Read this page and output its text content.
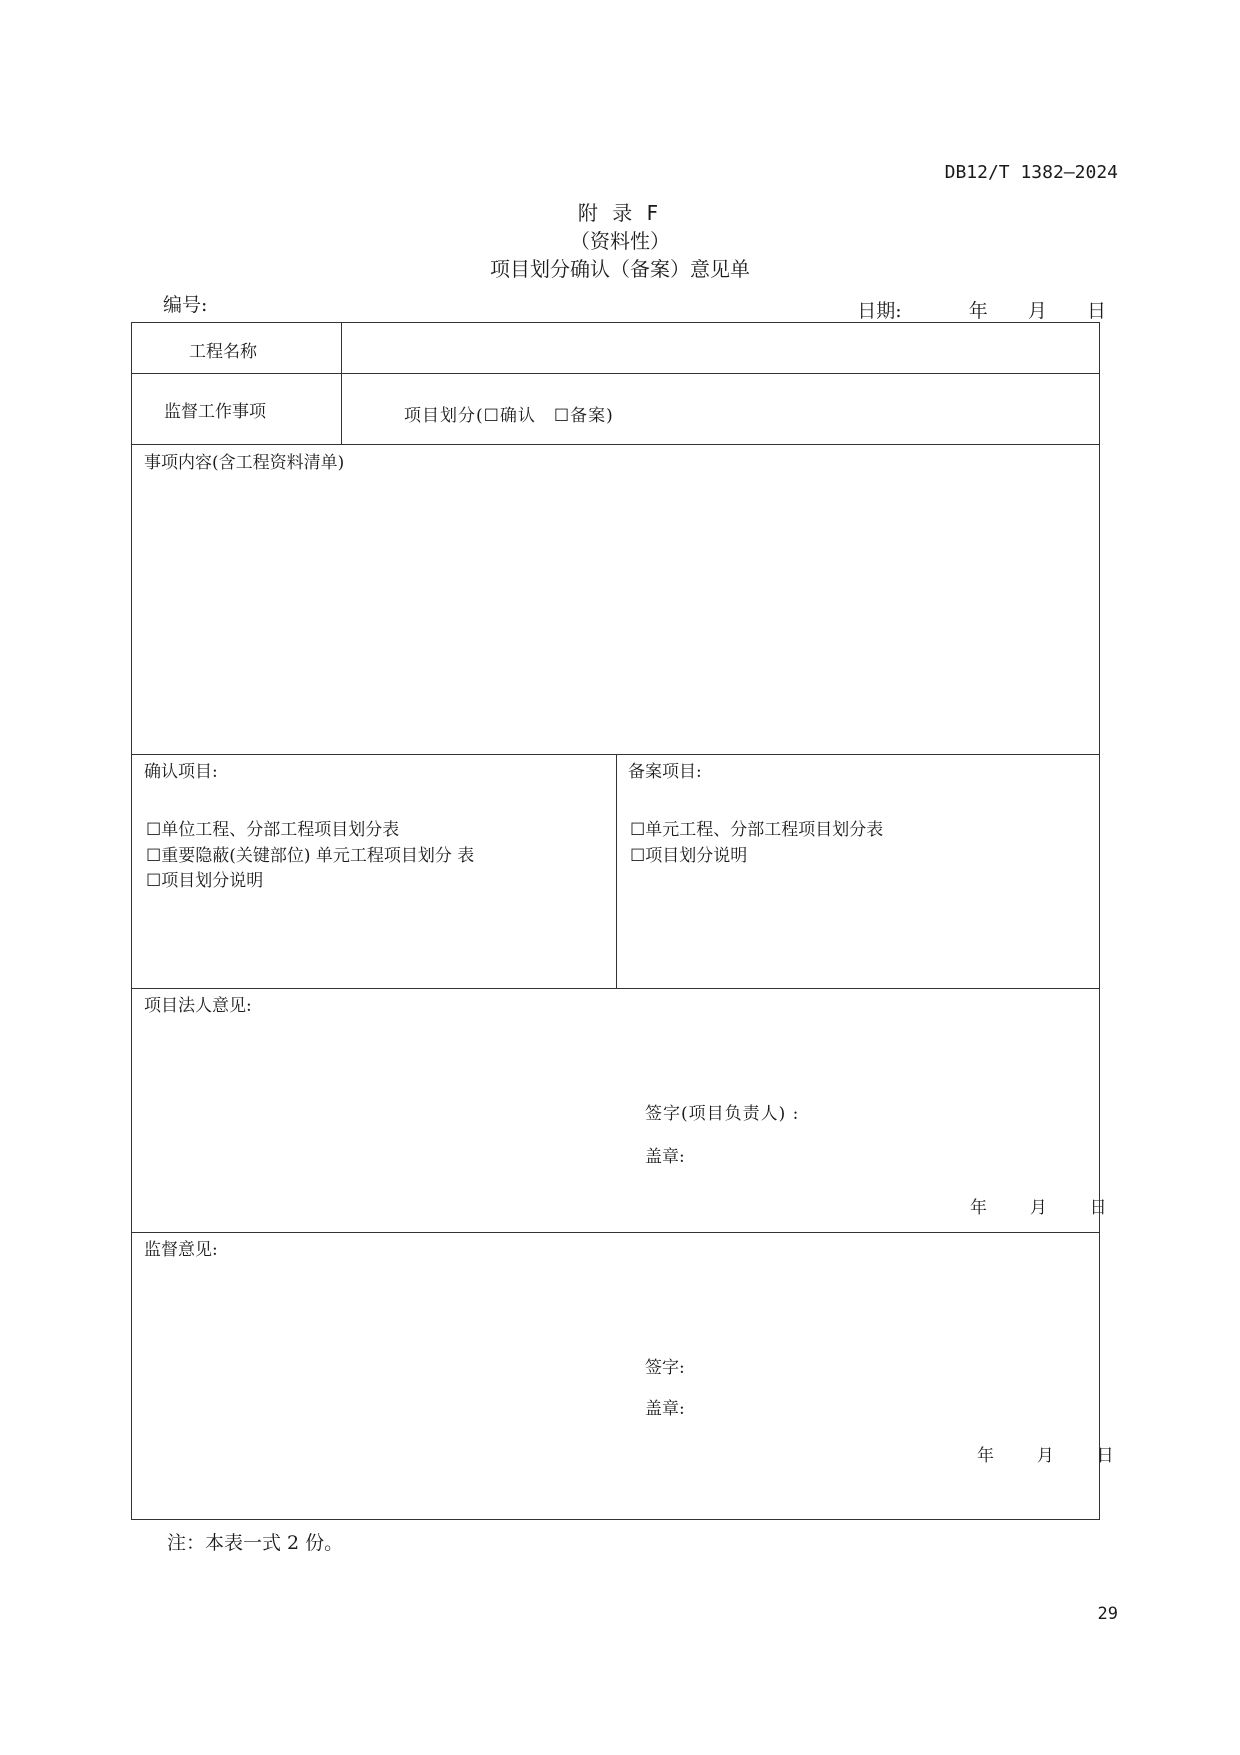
DB12/T 1382—2024
附 录 F
（资料性）
项目划分确认（备案）意见单
编号:	日期:	年 月 日
工程名称
监督工作事项	项目划分(☐确认　☐备案)
事项内容(含工程资料清单)
确认项目:
☐单位工程、分部工程项目划分表
☐重要隐蔽(关键部位) 单元工程项目划分 表
☐项目划分说明
备案项目:
☐单元工程、分部工程项目划分表
☐项目划分说明
项目法人意见:
签字(项目负责人) :
盖章:
年	月	日
监督意见:
签字:
盖章:
年	月	日
注：本表一式 2 份。
29
